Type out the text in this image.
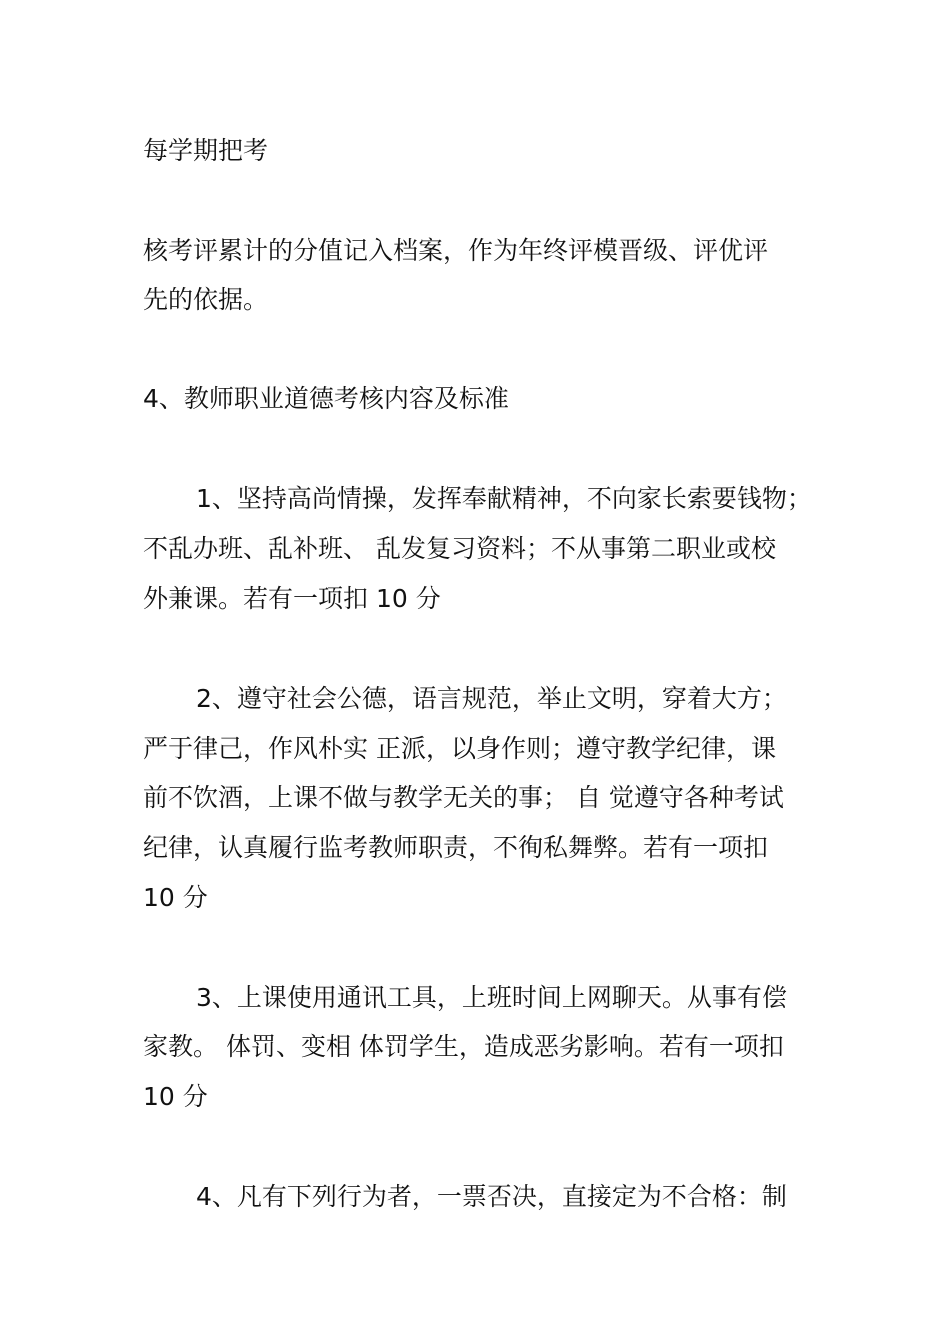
每学期把考
核考评累计的分值记入档案，作为年终评模晋级、评优评
先的依据。
4、教师职业道德考核内容及标准
1、坚持高尚情操，发挥奉献精神，不向家长索要钱物；
不乱办班、乱补班、 乱发复习资料；不从事第二职业或校
外兼课。若有一项扣 10 分
2、遵守社会公德，语言规范，举止文明，穿着大方；
严于律己，作风朴实 正派，以身作则；遵守教学纪律，课
前不饮酒，上课不做与教学无关的事； 自 觉遵守各种考试
纪律，认真履行监考教师职责，不徇私舞弊。若有一项扣
10 分
3、上课使用通讯工具，上班时间上网聊天。从事有偿
家教。 体罚、变相 体罚学生，造成恶劣影响。若有一项扣
10 分
4、凡有下列行为者，一票否决，直接定为不合格：制
